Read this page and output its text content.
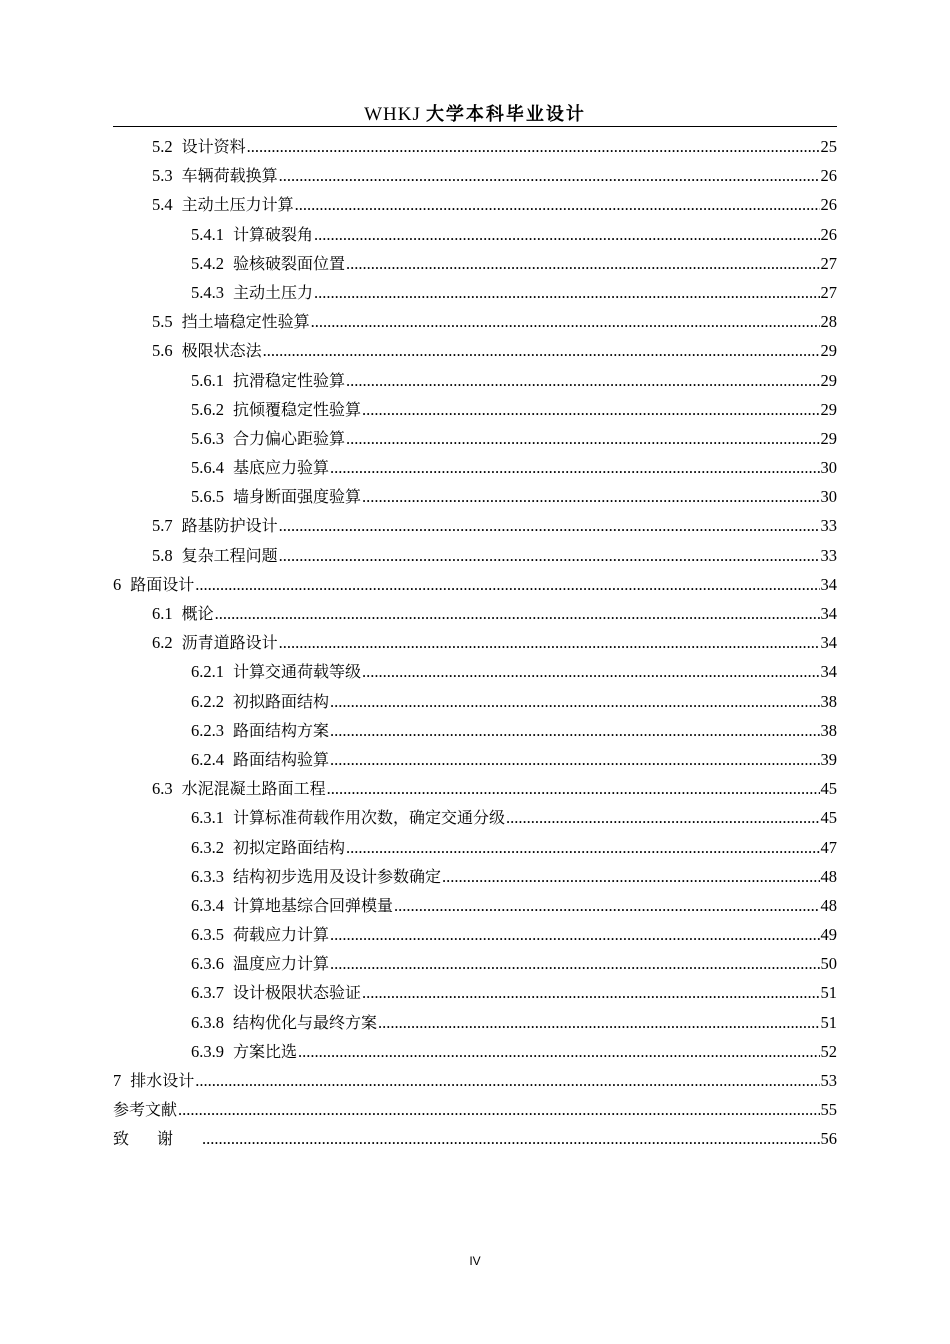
WHKJ 大学本科毕业设计
5.2 设计资料 .....	25
5.3 车辆荷载换算 .....	26
5.4 主动土压力计算 .....	26
5.4.1 计算破裂角 .....	26
5.4.2 验核破裂面位置 .....	27
5.4.3 主动土压力 .....	27
5.5 挡土墙稳定性验算 .....	28
5.6 极限状态法 .....	29
5.6.1 抗滑稳定性验算 .....	29
5.6.2 抗倾覆稳定性验算 .....	29
5.6.3 合力偏心距验算 .....	29
5.6.4 基底应力验算 .....	30
5.6.5 墙身断面强度验算 .....	30
5.7 路基防护设计 .....	33
5.8 复杂工程问题 .....	33
6 路面设计 .....	34
6.1 概论 .....	34
6.2 沥青道路设计 .....	34
6.2.1 计算交通荷载等级 .....	34
6.2.2 初拟路面结构 .....	38
6.2.3 路面结构方案 .....	38
6.2.4 路面结构验算 .....	39
6.3 水泥混凝土路面工程 .....	45
6.3.1 计算标准荷载作用次数，确定交通分级 .....	45
6.3.2 初拟定路面结构 .....	47
6.3.3 结构初步选用及设计参数确定 .....	48
6.3.4 计算地基综合回弹模量 .....	48
6.3.5 荷载应力计算 .....	49
6.3.6 温度应力计算 .....	50
6.3.7 设计极限状态验证 .....	51
6.3.8 结构优化与最终方案 .....	51
6.3.9 方案比选 .....	52
7 排水设计 .....	53
参考文献 .....	55
致谢 .....	56
IV
